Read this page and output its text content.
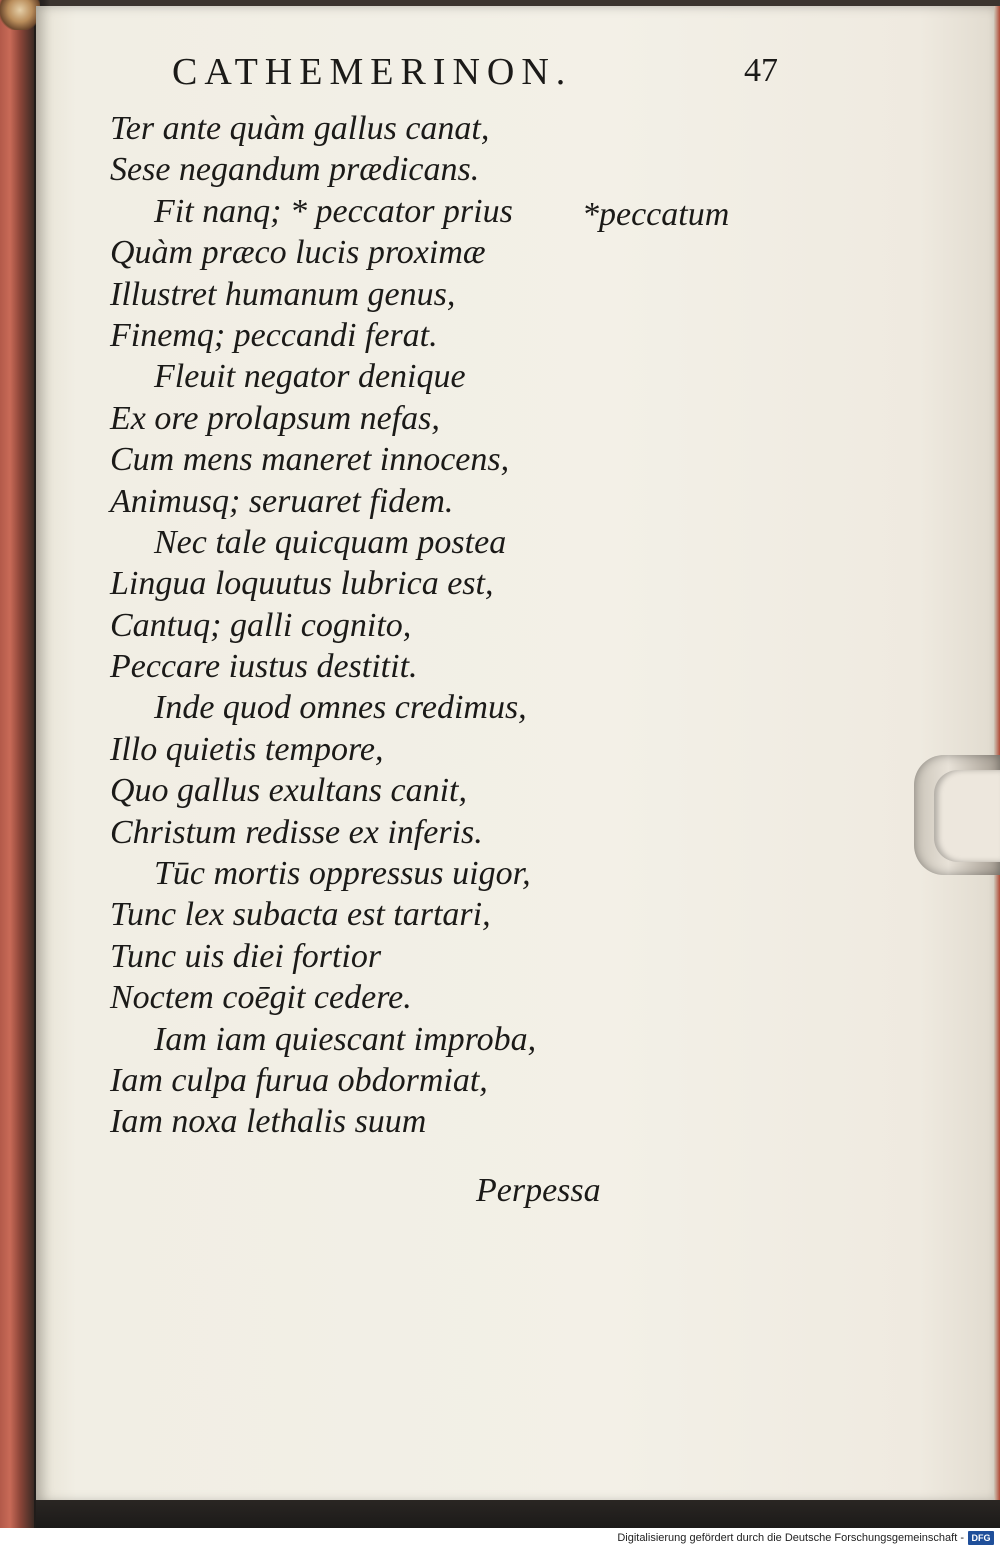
CATHEMERINON.	47
Ter ante quàm gallus canat,
Sese negandum prædicans.
Fit nanq; * peccator prius
Quàm præco lucis proximæ
Illustret humanum genus,
Finemq; peccandi ferat.
Fleuit negator denique
Ex ore prolapsum nefas,
Cum mens maneret innocens,
Animusq; seruaret fidem.
Nec tale quicquam postea
Lingua loquutus lubrica est,
Cantuq; galli cognito,
Peccare iustus destitit.
Inde quod omnes credimus,
Illo quietis tempore,
Quo gallus exultans canit,
Christum redisse ex inferis.
Tūc mortis oppressus uigor,
Tunc lex subacta est tartari,
Tunc uis diei fortior
Noctem coēgit cedere.
Iam iam quiescant improba,
Iam culpa furua obdormiat,
Iam noxa lethalis suum
*peccatum
Perpessa
Digitalisierung gefördert durch die Deutsche Forschungsgemeinschaft - DFG
